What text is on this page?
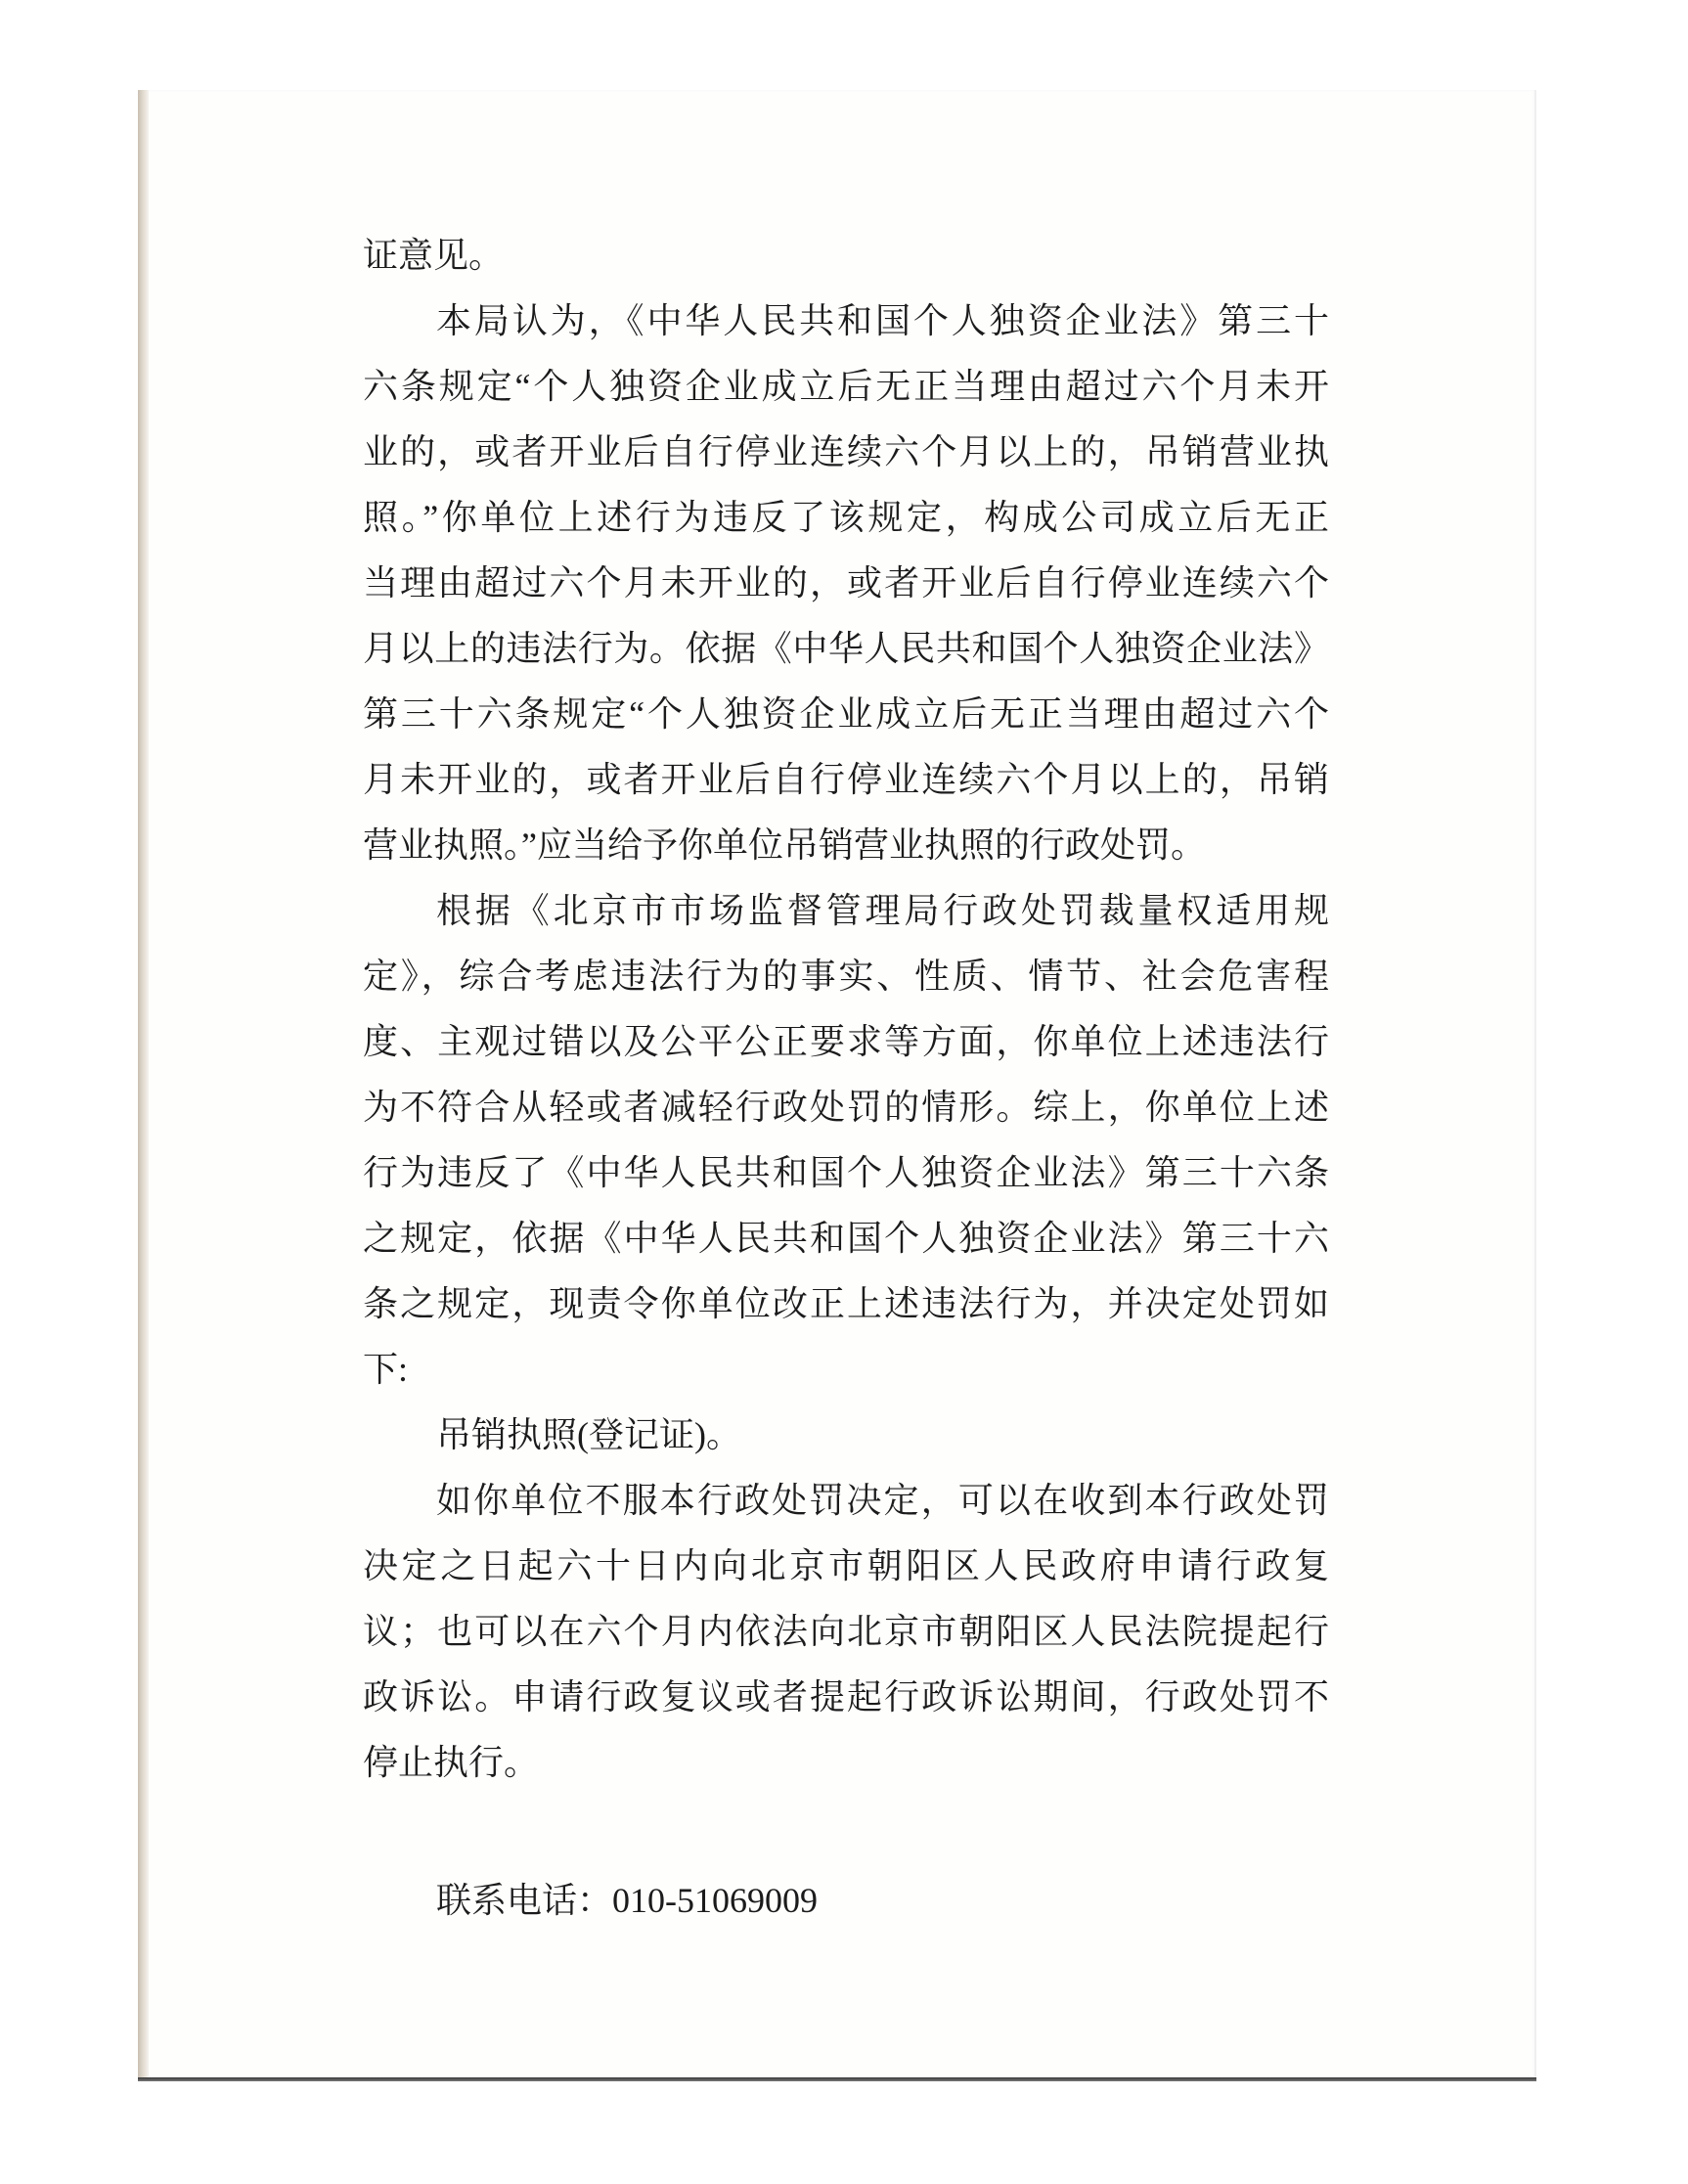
证意见。
本局认为，《中华人民共和国个人独资企业法》第三十
六条规定“个人独资企业成立后无正当理由超过六个月未开
业的，或者开业后自行停业连续六个月以上的，吊销营业执
照。”你单位上述行为违反了该规定，构成公司成立后无正
当理由超过六个月未开业的，或者开业后自行停业连续六个
月以上的违法行为。依据《中华人民共和国个人独资企业法》
第三十六条规定“个人独资企业成立后无正当理由超过六个
月未开业的，或者开业后自行停业连续六个月以上的，吊销
营业执照。”应当给予你单位吊销营业执照的行政处罚。
根据《北京市市场监督管理局行政处罚裁量权适用规
定》，综合考虑违法行为的事实、性质、情节、社会危害程
度、主观过错以及公平公正要求等方面，你单位上述违法行
为不符合从轻或者减轻行政处罚的情形。综上，你单位上述
行为违反了《中华人民共和国个人独资企业法》第三十六条
之规定，依据《中华人民共和国个人独资企业法》第三十六
条之规定，现责令你单位改正上述违法行为，并决定处罚如
下:
吊销执照(登记证)。
如你单位不服本行政处罚决定，可以在收到本行政处罚
决定之日起六十日内向北京市朝阳区人民政府申请行政复
议；也可以在六个月内依法向北京市朝阳区人民法院提起行
政诉讼。申请行政复议或者提起行政诉讼期间，行政处罚不
停止执行。
联系电话：010-51069009
